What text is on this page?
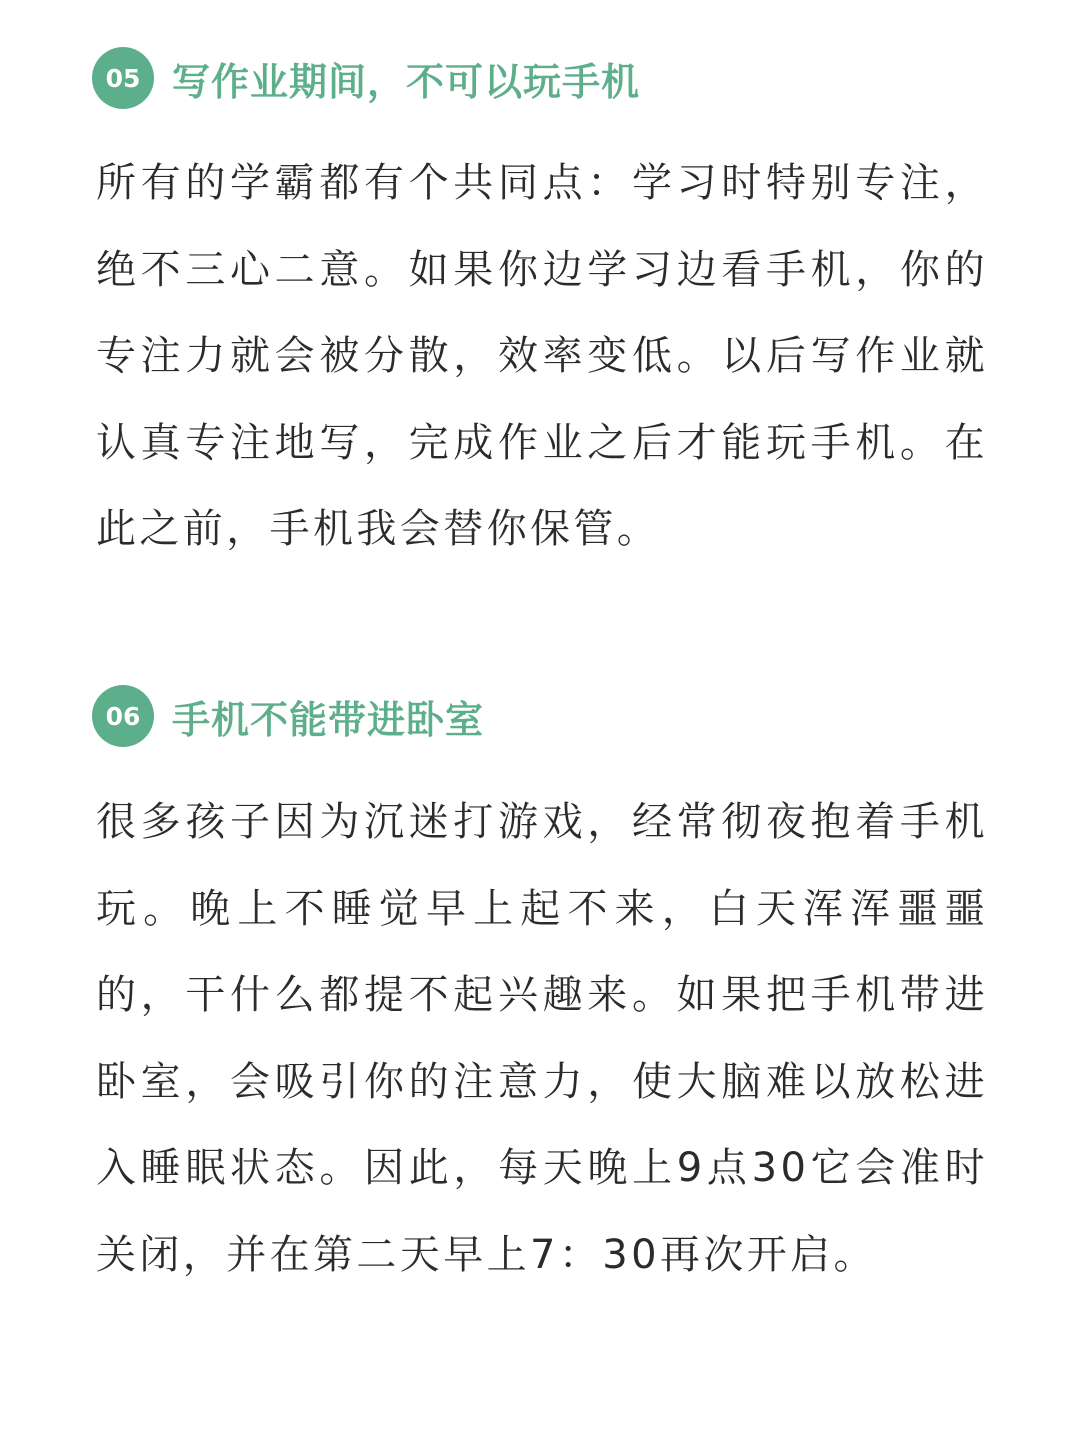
05 写作业期间，不可以玩手机

所有的学霸都有个共同点：学习时特别专注，绝不三心二意。如果你边学习边看手机，你的专注力就会被分散，效率变低。以后写作业就认真专注地写，完成作业之后才能玩手机。在此之前，手机我会替你保管。

06 手机不能带进卧室

很多孩子因为沉迷打游戏，经常彻夜抱着手机玩。晚上不睡觉早上起不来，白天浑浑噩噩的，干什么都提不起兴趣来。如果把手机带进卧室，会吸引你的注意力，使大脑难以放松进入睡眠状态。因此，每天晚上9点30它会准时关闭，并在第二天早上7：30再次开启。
